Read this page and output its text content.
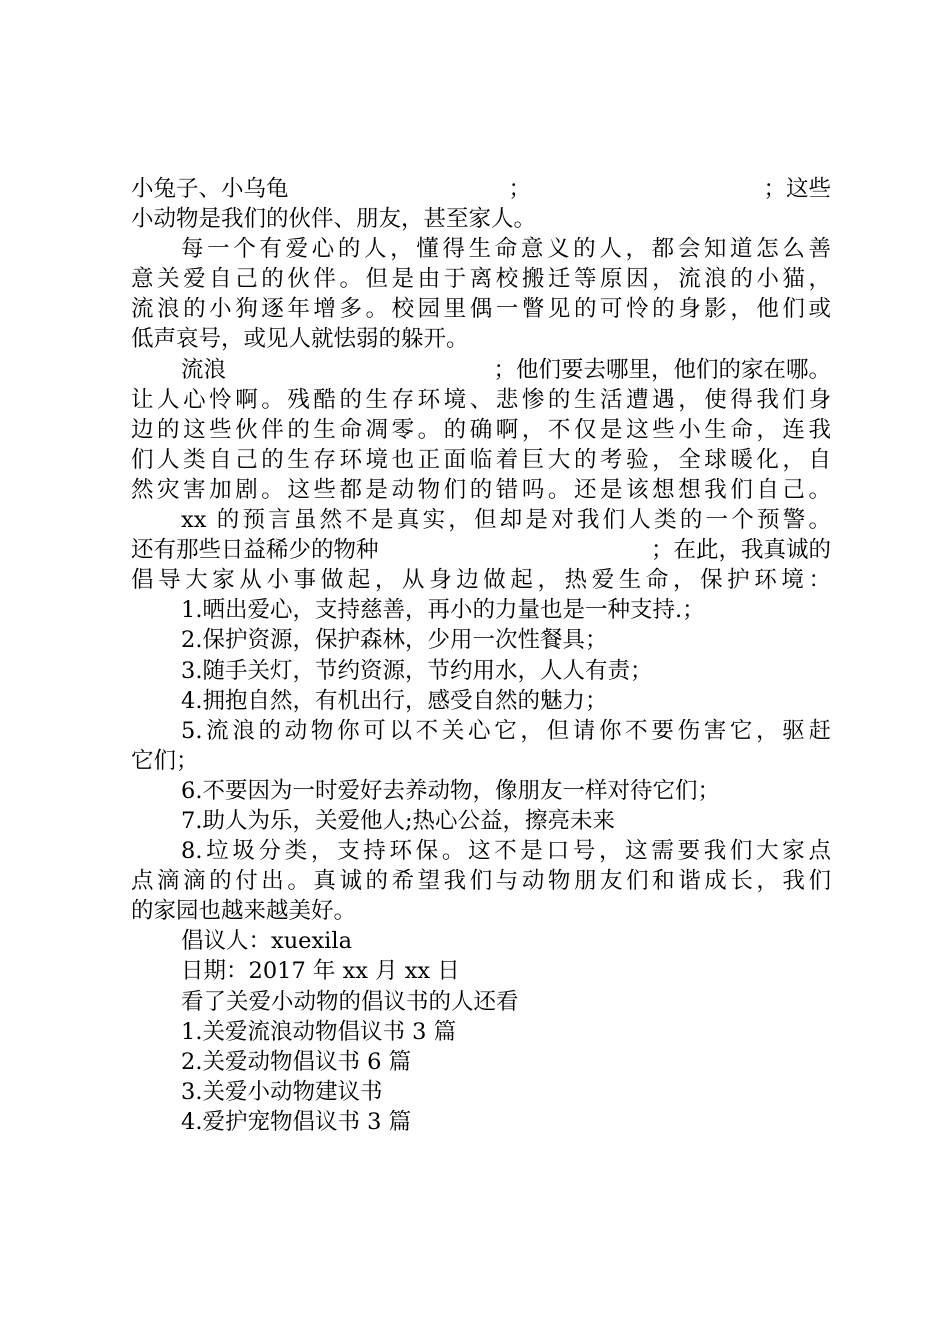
小兔子、小乌龟	；	；这些
小动物是我们的伙伴、朋友，甚至家人。
每一个有爱心的人，懂得生命意义的人，都会知道怎么善
意关爱自己的伙伴。但是由于离校搬迁等原因，流浪的小猫，
流浪的小狗逐年增多。校园里偶一瞥见的可怜的身影，他们或
低声哀号，或见人就怯弱的躲开。
流浪	；他们要去哪里，他们的家在哪。
让人心怜啊。残酷的生存环境、悲惨的生活遭遇，使得我们身
边的这些伙伴的生命凋零。的确啊，不仅是这些小生命，连我
们人类自己的生存环境也正面临着巨大的考验，全球暖化，自
然灾害加剧。这些都是动物们的错吗。还是该想想我们自己。
xx 的预言虽然不是真实，但却是对我们人类的一个预警。
还有那些日益稀少的物种	；在此，我真诚的
倡导大家从小事做起，从身边做起，热爱生命，保护环境：
1.晒出爱心，支持慈善，再小的力量也是一种支持.；
2.保护资源，保护森林，少用一次性餐具；
3.随手关灯，节约资源，节约用水，人人有责；
4.拥抱自然，有机出行，感受自然的魅力；
5.流浪的动物你可以不关心它，但请你不要伤害它，驱赶
它们；
6.不要因为一时爱好去养动物，像朋友一样对待它们；
7.助人为乐，关爱他人;热心公益，擦亮未来
8.垃圾分类，支持环保。这不是口号，这需要我们大家点
点滴滴的付出。真诚的希望我们与动物朋友们和谐成长，我们
的家园也越来越美好。
倡议人：xuexila
日期：2017 年 xx 月 xx 日
看了关爱小动物的倡议书的人还看
1.关爱流浪动物倡议书 3 篇
2.关爱动物倡议书 6 篇
3.关爱小动物建议书
4.爱护宠物倡议书 3 篇
